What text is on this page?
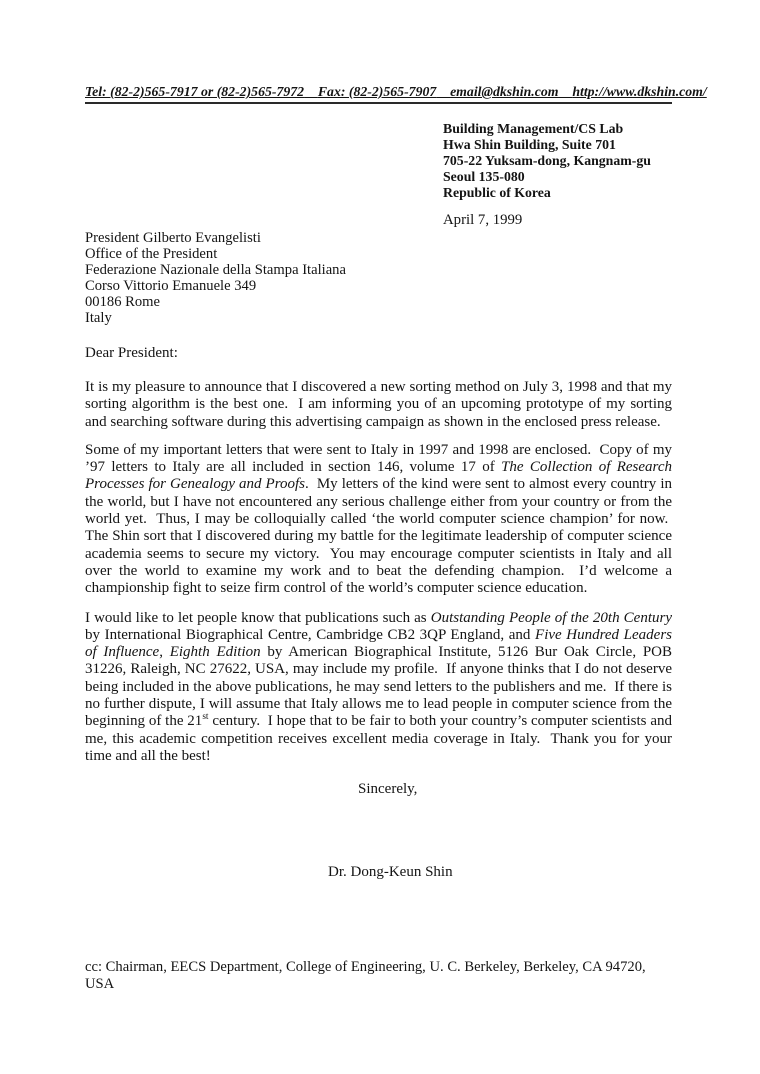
Tel: (82-2)565-7917 or (82-2)565-7972 Fax: (82-2)565-7907 email@dkshin.com http://www.dkshin.com/
Building Management/CS Lab
Hwa Shin Building, Suite 701
705-22 Yuksam-dong, Kangnam-gu
Seoul 135-080
Republic of Korea
April 7, 1999
President Gilberto Evangelisti
Office of the President
Federazione Nazionale della Stampa Italiana
Corso Vittorio Emanuele 349
00186 Rome
Italy
Dear President:

It is my pleasure to announce that I discovered a new sorting method on July 3, 1998 and that my sorting algorithm is the best one.  I am informing you of an upcoming prototype of my sorting and searching software during this advertising campaign as shown in the enclosed press release.

Some of my important letters that were sent to Italy in 1997 and 1998 are enclosed.  Copy of my ’97 letters to Italy are all included in section 146, volume 17 of The Collection of Research Processes for Genealogy and Proofs.  My letters of the kind were sent to almost every country in the world, but I have not encountered any serious challenge either from your country or from the world yet.  Thus, I may be colloquially called ‘the world computer science champion’ for now.  The Shin sort that I discovered during my battle for the legitimate leadership of computer science academia seems to secure my victory.  You may encourage computer scientists in Italy and all over the world to examine my work and to beat the defending champion.  I’d welcome a championship fight to seize firm control of the world’s computer science education.

I would like to let people know that publications such as Outstanding People of the 20th Century by International Biographical Centre, Cambridge CB2 3QP England, and Five Hundred Leaders of Influence, Eighth Edition by American Biographical Institute, 5126 Bur Oak Circle, POB 31226, Raleigh, NC 27622, USA, may include my profile.  If anyone thinks that I do not deserve being included in the above publications, he may send letters to the publishers and me.  If there is no further dispute, I will assume that Italy allows me to lead people in computer science from the beginning of the 21st century.  I hope that to be fair to both your country’s computer scientists and me, this academic competition receives excellent media coverage in Italy.  Thank you for your time and all the best!

Sincerely,
Dr. Dong-Keun Shin
cc: Chairman, EECS Department, College of Engineering, U. C. Berkeley, Berkeley, CA 94720, USA
